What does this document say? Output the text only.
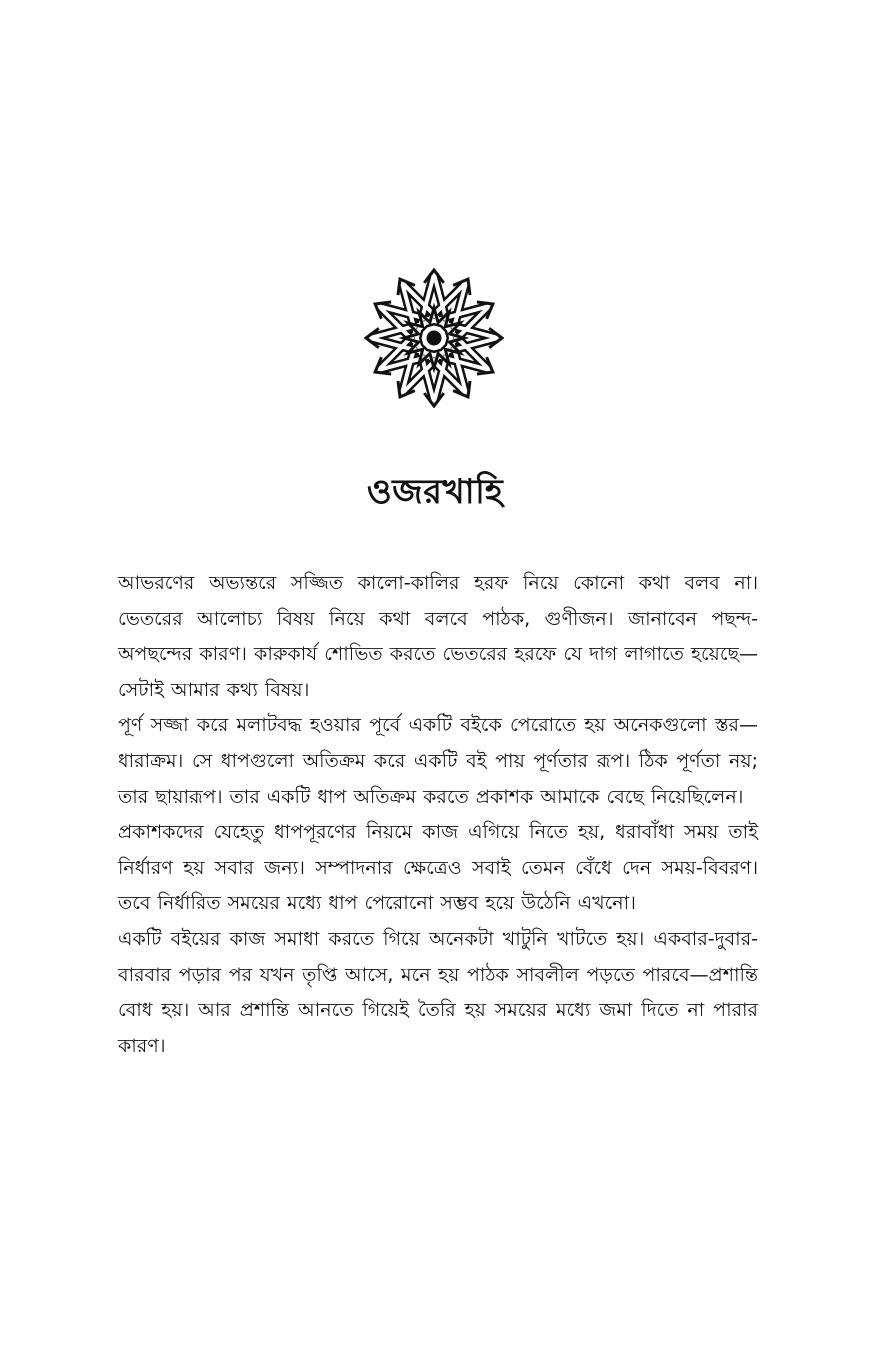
ওজরখাহি

আভরণের অভ্যন্তরে সজ্জিত কালো-কালির হরফ নিয়ে কোনো কথা বলব না। ভেতরের আলোচ্য বিষয় নিয়ে কথা বলবে পাঠক, গুণীজন। জানাবেন পছন্দ-অপছন্দের কারণ। কারুকার্য শোভিত করতে ভেতরের হরফে যে দাগ লাগাতে হয়েছে—সেটাই আমার কথ্য বিষয়।

পূর্ণ সজ্জা করে মলাটবদ্ধ হওয়ার পূর্বে একটি বইকে পেরোতে হয় অনেকগুলো স্তর—ধারাক্রম। সে ধাপগুলো অতিক্রম করে একটি বই পায় পূর্ণতার রূপ। ঠিক পূর্ণতা নয়; তার ছায়ারূপ। তার একটি ধাপ অতিক্রম করতে প্রকাশক আমাকে বেছে নিয়েছিলেন।

প্রকাশকদের যেহেতু ধাপপূরণের নিয়মে কাজ এগিয়ে নিতে হয়, ধরাবাঁধা সময় তাই নির্ধারণ হয় সবার জন্য। সম্পাদনার ক্ষেত্রেও সবাই তেমন বেঁধে দেন সময়-বিবরণ। তবে নির্ধারিত সময়ের মধ্যে ধাপ পেরোনো সম্ভব হয়ে উঠেনি এখনো।

একটি বইয়ের কাজ সমাধা করতে গিয়ে অনেকটা খাটুনি খাটতে হয়। একবার-দুবার-বারবার পড়ার পর যখন তৃপ্তি আসে, মনে হয় পাঠক সাবলীল পড়তে পারবে—প্রশান্তি বোধ হয়। আর প্রশান্তি আনতে গিয়েই তৈরি হয় সময়ের মধ্যে জমা দিতে না পারার কারণ।
